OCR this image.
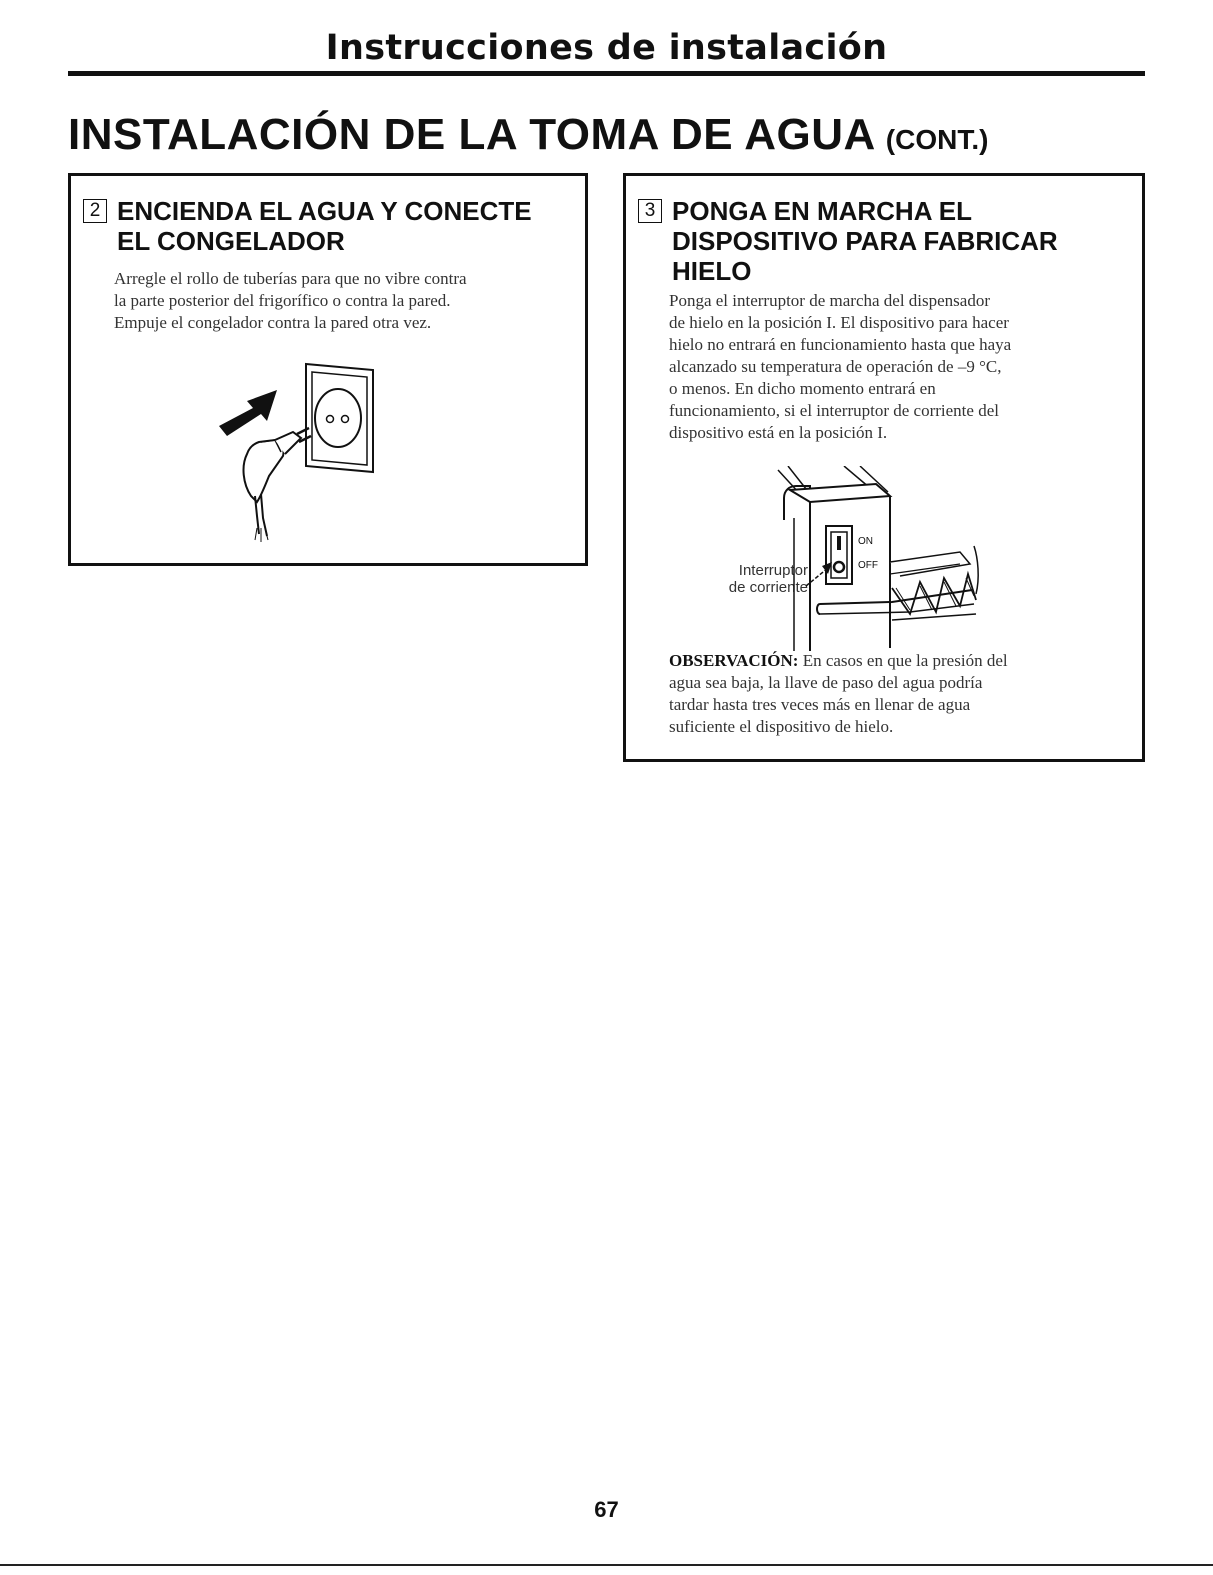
Instrucciones de instalación
INSTALACIÓN DE LA TOMA DE AGUA (CONT.)
2 ENCIENDA EL AGUA Y CONECTE
EL CONGELADOR
Arregle el rollo de tuberías para que no vibre contra
la parte posterior del frigorífico o contra la pared.
Empuje el congelador contra la pared otra vez.
3 PONGA EN MARCHA EL
DISPOSITIVO PARA FABRICAR
HIELO
Ponga el interruptor de marcha del dispensador
de hielo en la posición I. El dispositivo para hacer
hielo no entrará en funcionamiento hasta que haya
alcanzado su temperatura de operación de –9 °C,
o menos. En dicho momento entrará en
funcionamiento, si el interruptor de corriente del
dispositivo está en la posición I.
Interruptor
de corriente
ON
OFF
OBSERVACIÓN: En casos en que la presión del
agua sea baja, la llave de paso del agua podría
tardar hasta tres veces más en llenar de agua
suficiente el dispositivo de hielo.
67
